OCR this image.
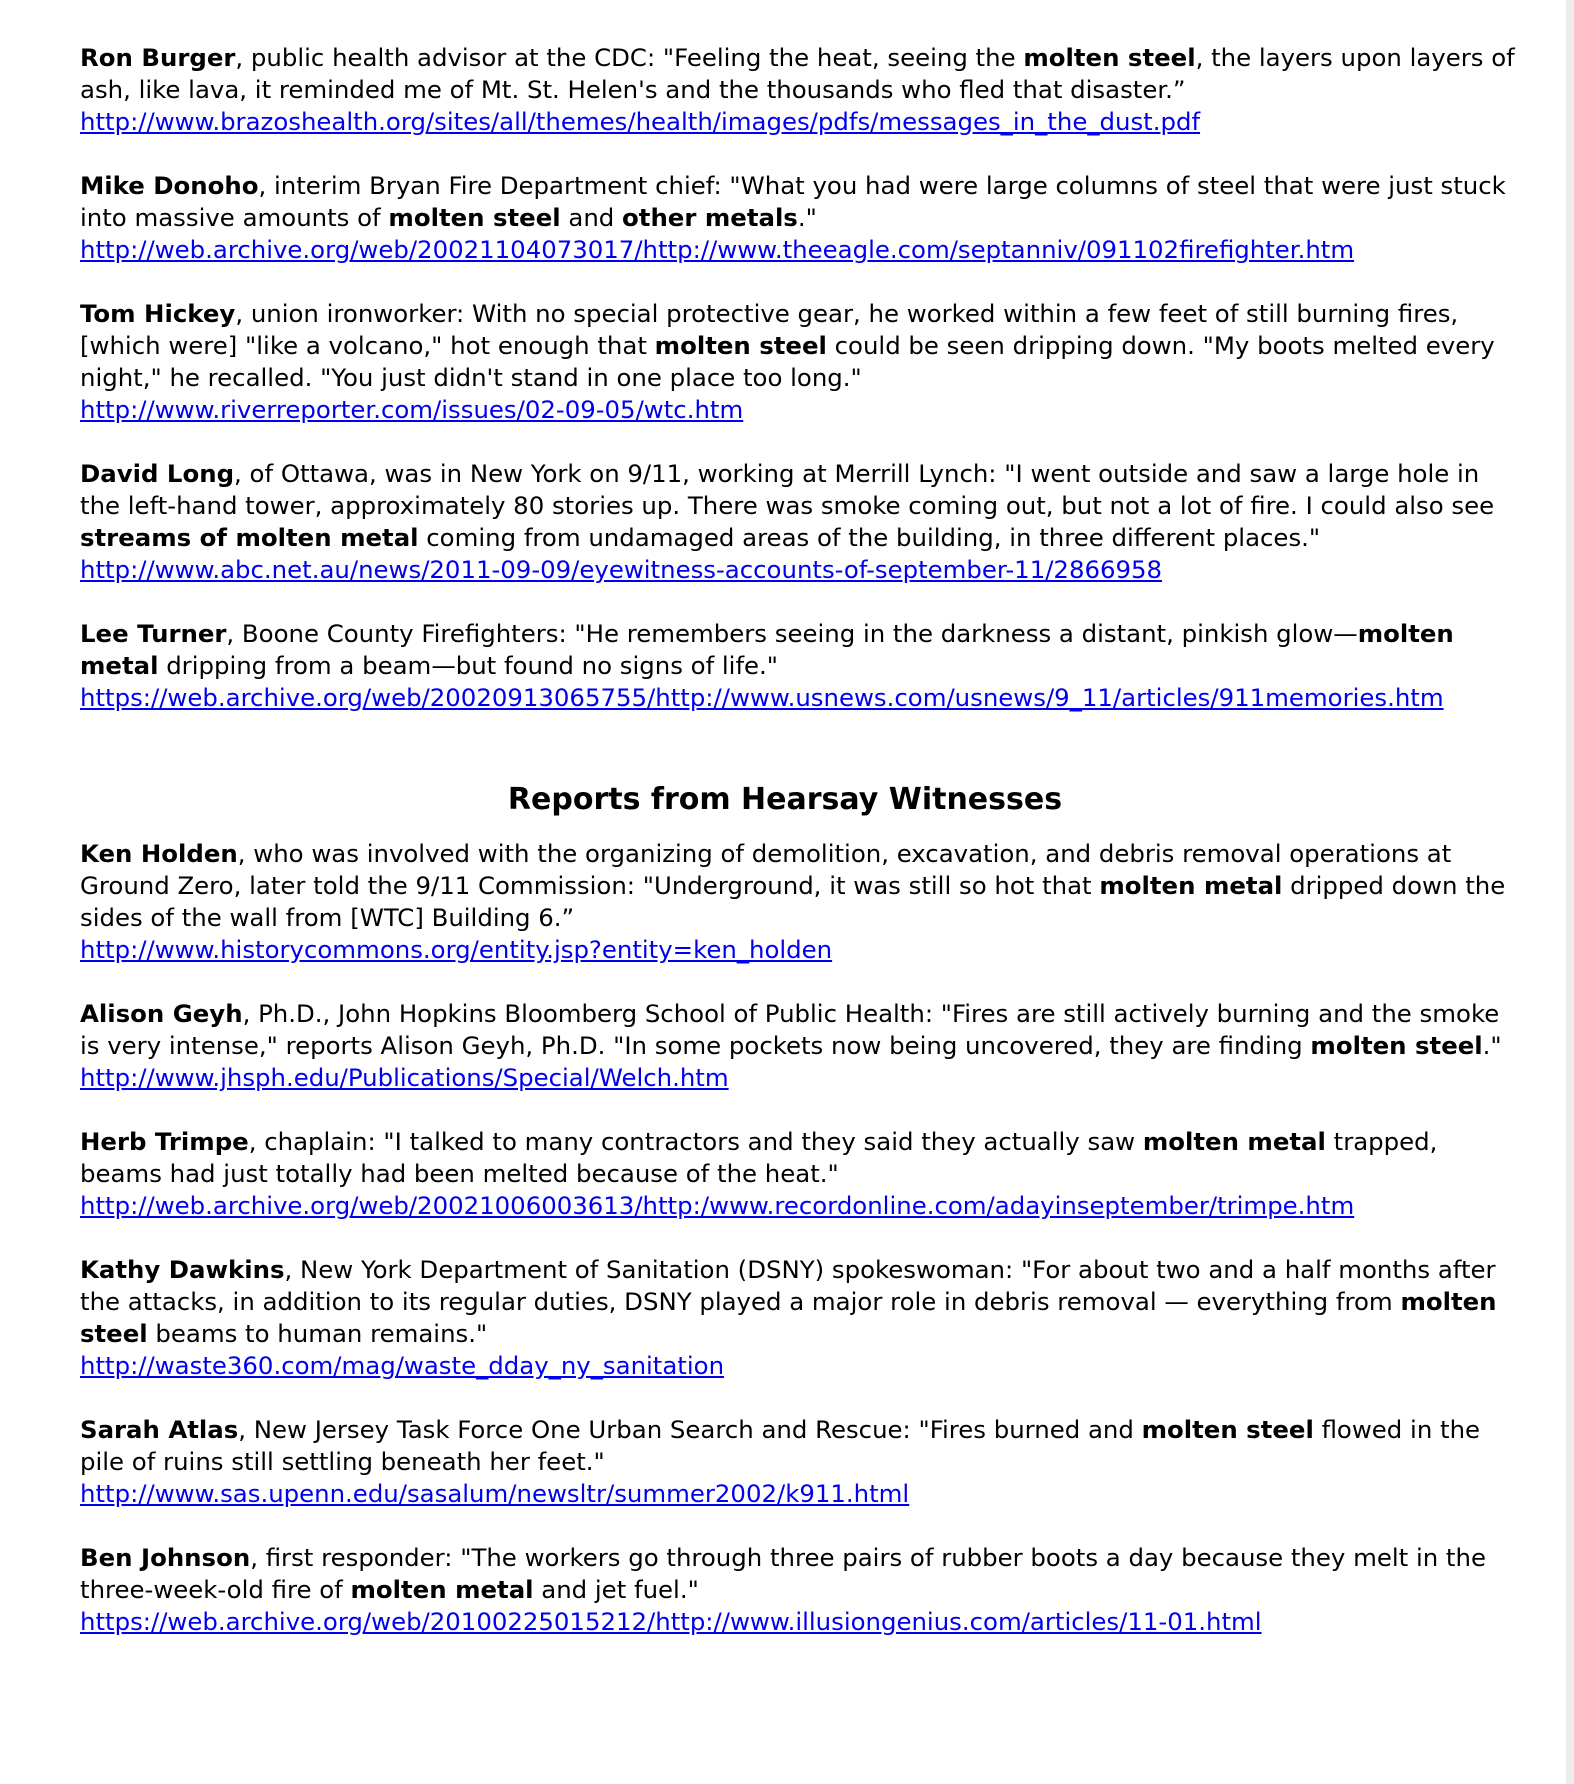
Ron Burger, public health advisor at the CDC: "Feeling the heat, seeing the molten steel, the layers upon layers of ash, like lava, it reminded me of Mt. St. Helen's and the thousands who fled that disaster.”
http://www.brazoshealth.org/sites/all/themes/health/images/pdfs/messages_in_the_dust.pdf

Mike Donoho, interim Bryan Fire Department chief: "What you had were large columns of steel that were just stuck into massive amounts of molten steel and other metals."
http://web.archive.org/web/20021104073017/http://www.theeagle.com/septanniv/091102firefighter.htm

Tom Hickey, union ironworker: With no special protective gear, he worked within a few feet of still burning fires, [which were] "like a volcano," hot enough that molten steel could be seen dripping down. "My boots melted every night," he recalled. "You just didn't stand in one place too long."
http://www.riverreporter.com/issues/02-09-05/wtc.htm

David Long, of Ottawa, was in New York on 9/11, working at Merrill Lynch: "I went outside and saw a large hole in the left-hand tower, approximately 80 stories up. There was smoke coming out, but not a lot of fire. I could also see streams of molten metal coming from undamaged areas of the building, in three different places."
http://www.abc.net.au/news/2011-09-09/eyewitness-accounts-of-september-11/2866958

Lee Turner, Boone County Firefighters: "He remembers seeing in the darkness a distant, pinkish glow—molten metal dripping from a beam—but found no signs of life."
https://web.archive.org/web/20020913065755/http://www.usnews.com/usnews/9_11/articles/911memories.htm

Reports from Hearsay Witnesses

Ken Holden, who was involved with the organizing of demolition, excavation, and debris removal operations at Ground Zero, later told the 9/11 Commission: "Underground, it was still so hot that molten metal dripped down the sides of the wall from [WTC] Building 6.”
http://www.historycommons.org/entity.jsp?entity=ken_holden

Alison Geyh, Ph.D., John Hopkins Bloomberg School of Public Health: "Fires are still actively burning and the smoke is very intense," reports Alison Geyh, Ph.D. "In some pockets now being uncovered, they are finding molten steel."
http://www.jhsph.edu/Publications/Special/Welch.htm

Herb Trimpe, chaplain: "I talked to many contractors and they said they actually saw molten metal trapped, beams had just totally had been melted because of the heat."
http://web.archive.org/web/20021006003613/http:/www.recordonline.com/adayinseptember/trimpe.htm

Kathy Dawkins, New York Department of Sanitation (DSNY) spokeswoman: "For about two and a half months after the attacks, in addition to its regular duties, DSNY played a major role in debris removal — everything from molten steel beams to human remains."
http://waste360.com/mag/waste_dday_ny_sanitation

Sarah Atlas, New Jersey Task Force One Urban Search and Rescue: "Fires burned and molten steel flowed in the pile of ruins still settling beneath her feet."
http://www.sas.upenn.edu/sasalum/newsltr/summer2002/k911.html

Ben Johnson, first responder: "The workers go through three pairs of rubber boots a day because they melt in the three-week-old fire of molten metal and jet fuel."
https://web.archive.org/web/20100225015212/http://www.illusiongenius.com/articles/11-01.html
